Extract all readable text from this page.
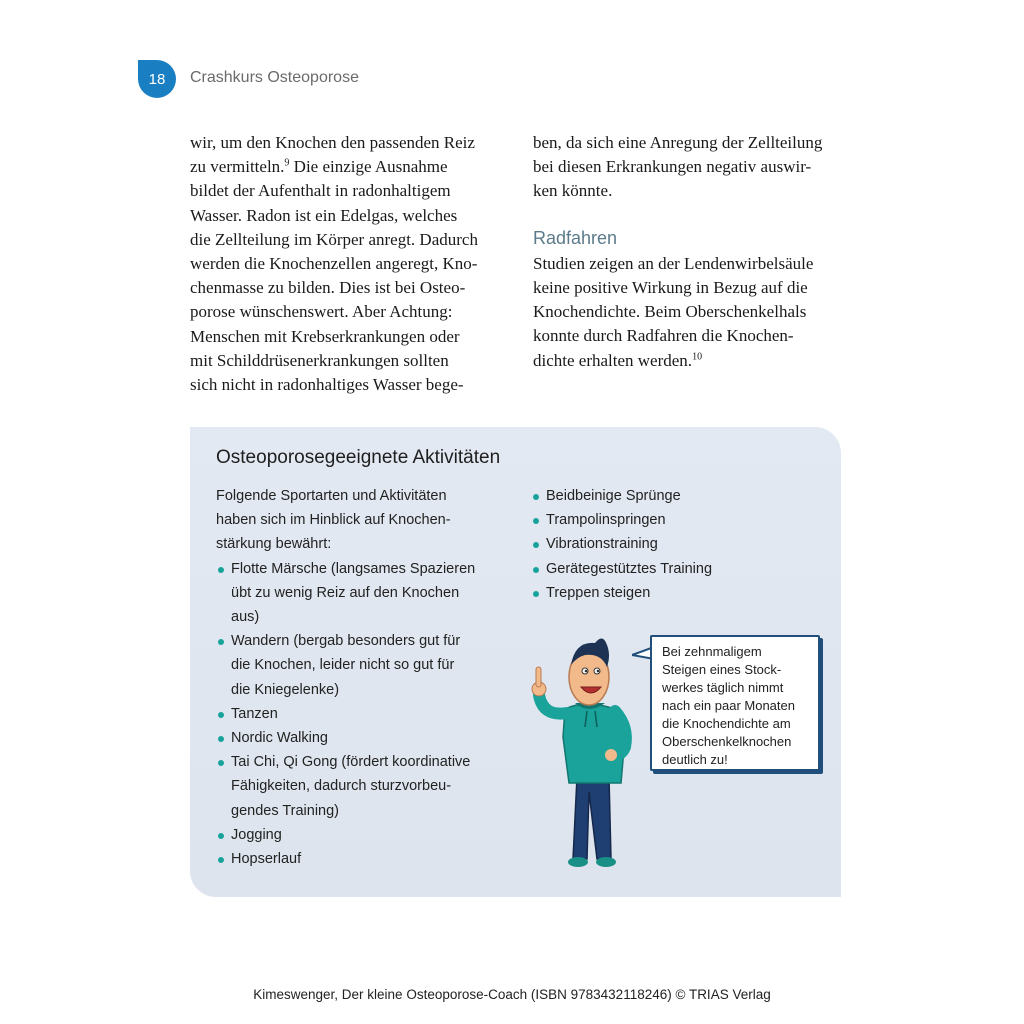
18 Crashkurs Osteoporose

wir, um den Knochen den passenden Reiz

zu vermitteln.$^9$ Die einzige Ausnahme

bildet der Aufenthalt in radonhaltigem

Wasser. Radon ist ein Edelgas, welches

die Zellteilung im Körper anregt. Dadurch

werden die Knochenzellen angeregt, Kno-

chenmasse zu bilden. Dies ist bei Osteo-

porose wünschenswert. Aber Achtung:

Menschen mit Krebserkrankungen oder

mit Schilddrüsenerkrankungen sollten

sich nicht in radonhaltiges Wasser bege-

ben, da sich eine Anregung der Zellteilung

bei diesen Erkrankungen negativ auswir-

ken könnte.

Radfahren

Studien zeigen an der Lendenwirbelsäule

keine positive Wirkung in Bezug auf die

Knochendichte. Beim Oberschenkelhals

konnte durch Radfahren die Knochen-

dichte erhalten werden.$^{10}$

Osteoporosegeeignete Aktivitäten

Folgende Sportarten und Aktivitäten

haben sich im Hinblick auf Knochen-

stärkung bewährt:

Flotte Märsche (langsames Spazieren
übt zu wenig Reiz auf den Knochen
aus)
Wandern (bergab besonders gut für
die Knochen, leider nicht so gut für
die Kniegelenke)
Tanzen
Nordic Walking
Tai Chi, Qi Gong (fördert koordinative
Fähigkeiten, dadurch sturzvorbeu-
gendes Training)
Jogging
Hopserlauf
Beidbeinige Sprünge
Trampolinspringen
Vibrationstraining
Gerätegestütztes Training
Treppen steigen
Bei zehnmaligem
Steigen eines Stock-
werkes täglich nimmt
nach ein paar Monaten
die Knochendichte am
Oberschenkelknochen
deutlich zu!
Kimeswenger, Der kleine Osteoporose-Coach (ISBN 9783432118246) © TRIAS Verlag
